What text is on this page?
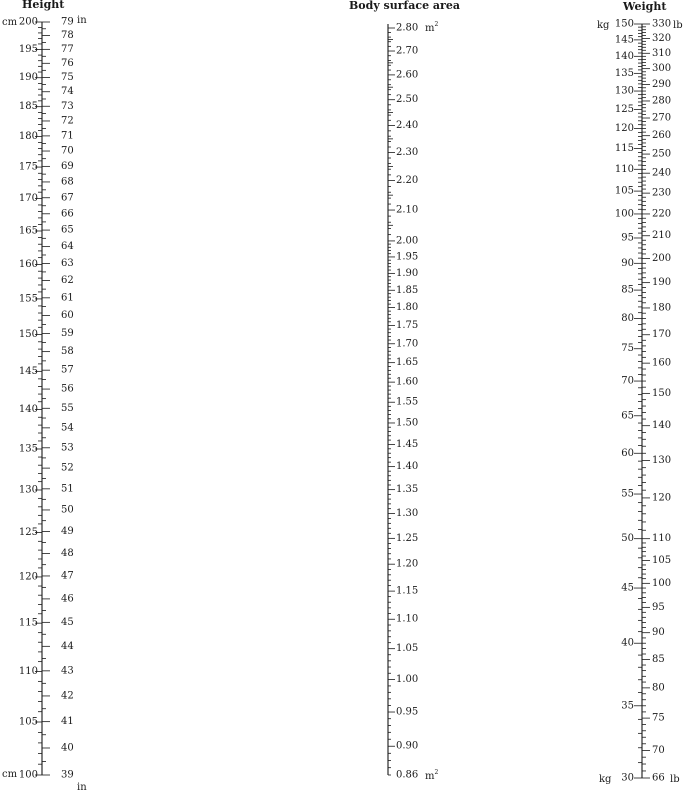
Height	Body surface area	Weight
200
195
190
185
180
175
170
165
160
155
150
145
140
135
130
125
120
115
110
105
100
79
78
77
76
75
74
73
72
71
70
69
68
67
66
65
64
63
62
61
60
59
58
57
56
55
54
53
52
51
50
49
48
47
46
45
44
43
42
41
40
39
cm
cm
in
in
2.80
2.70
2.60
2.50
2.40
2.30
2.20
2.10
2.00
1.95
1.90
1.85
1.80
1.75
1.70
1.65
1.60
1.55
1.50
1.45
1.40
1.35
1.30
1.25
1.20
1.15
1.10
1.05
1.00
0.95
0.90
0.86
$m^2$
$m^2$
150
145
140
135
130
125
120
115
110
105
100
95
90
85
80
75
70
65
60
55
50
45
40
35
30
330
320
310
300
290
280
270
260
250
240
230
220
210
200
190
180
170
160
150
140
130
120
110
105
100
95
90
85
80
75
70
66
kg
kg
lb
lb
